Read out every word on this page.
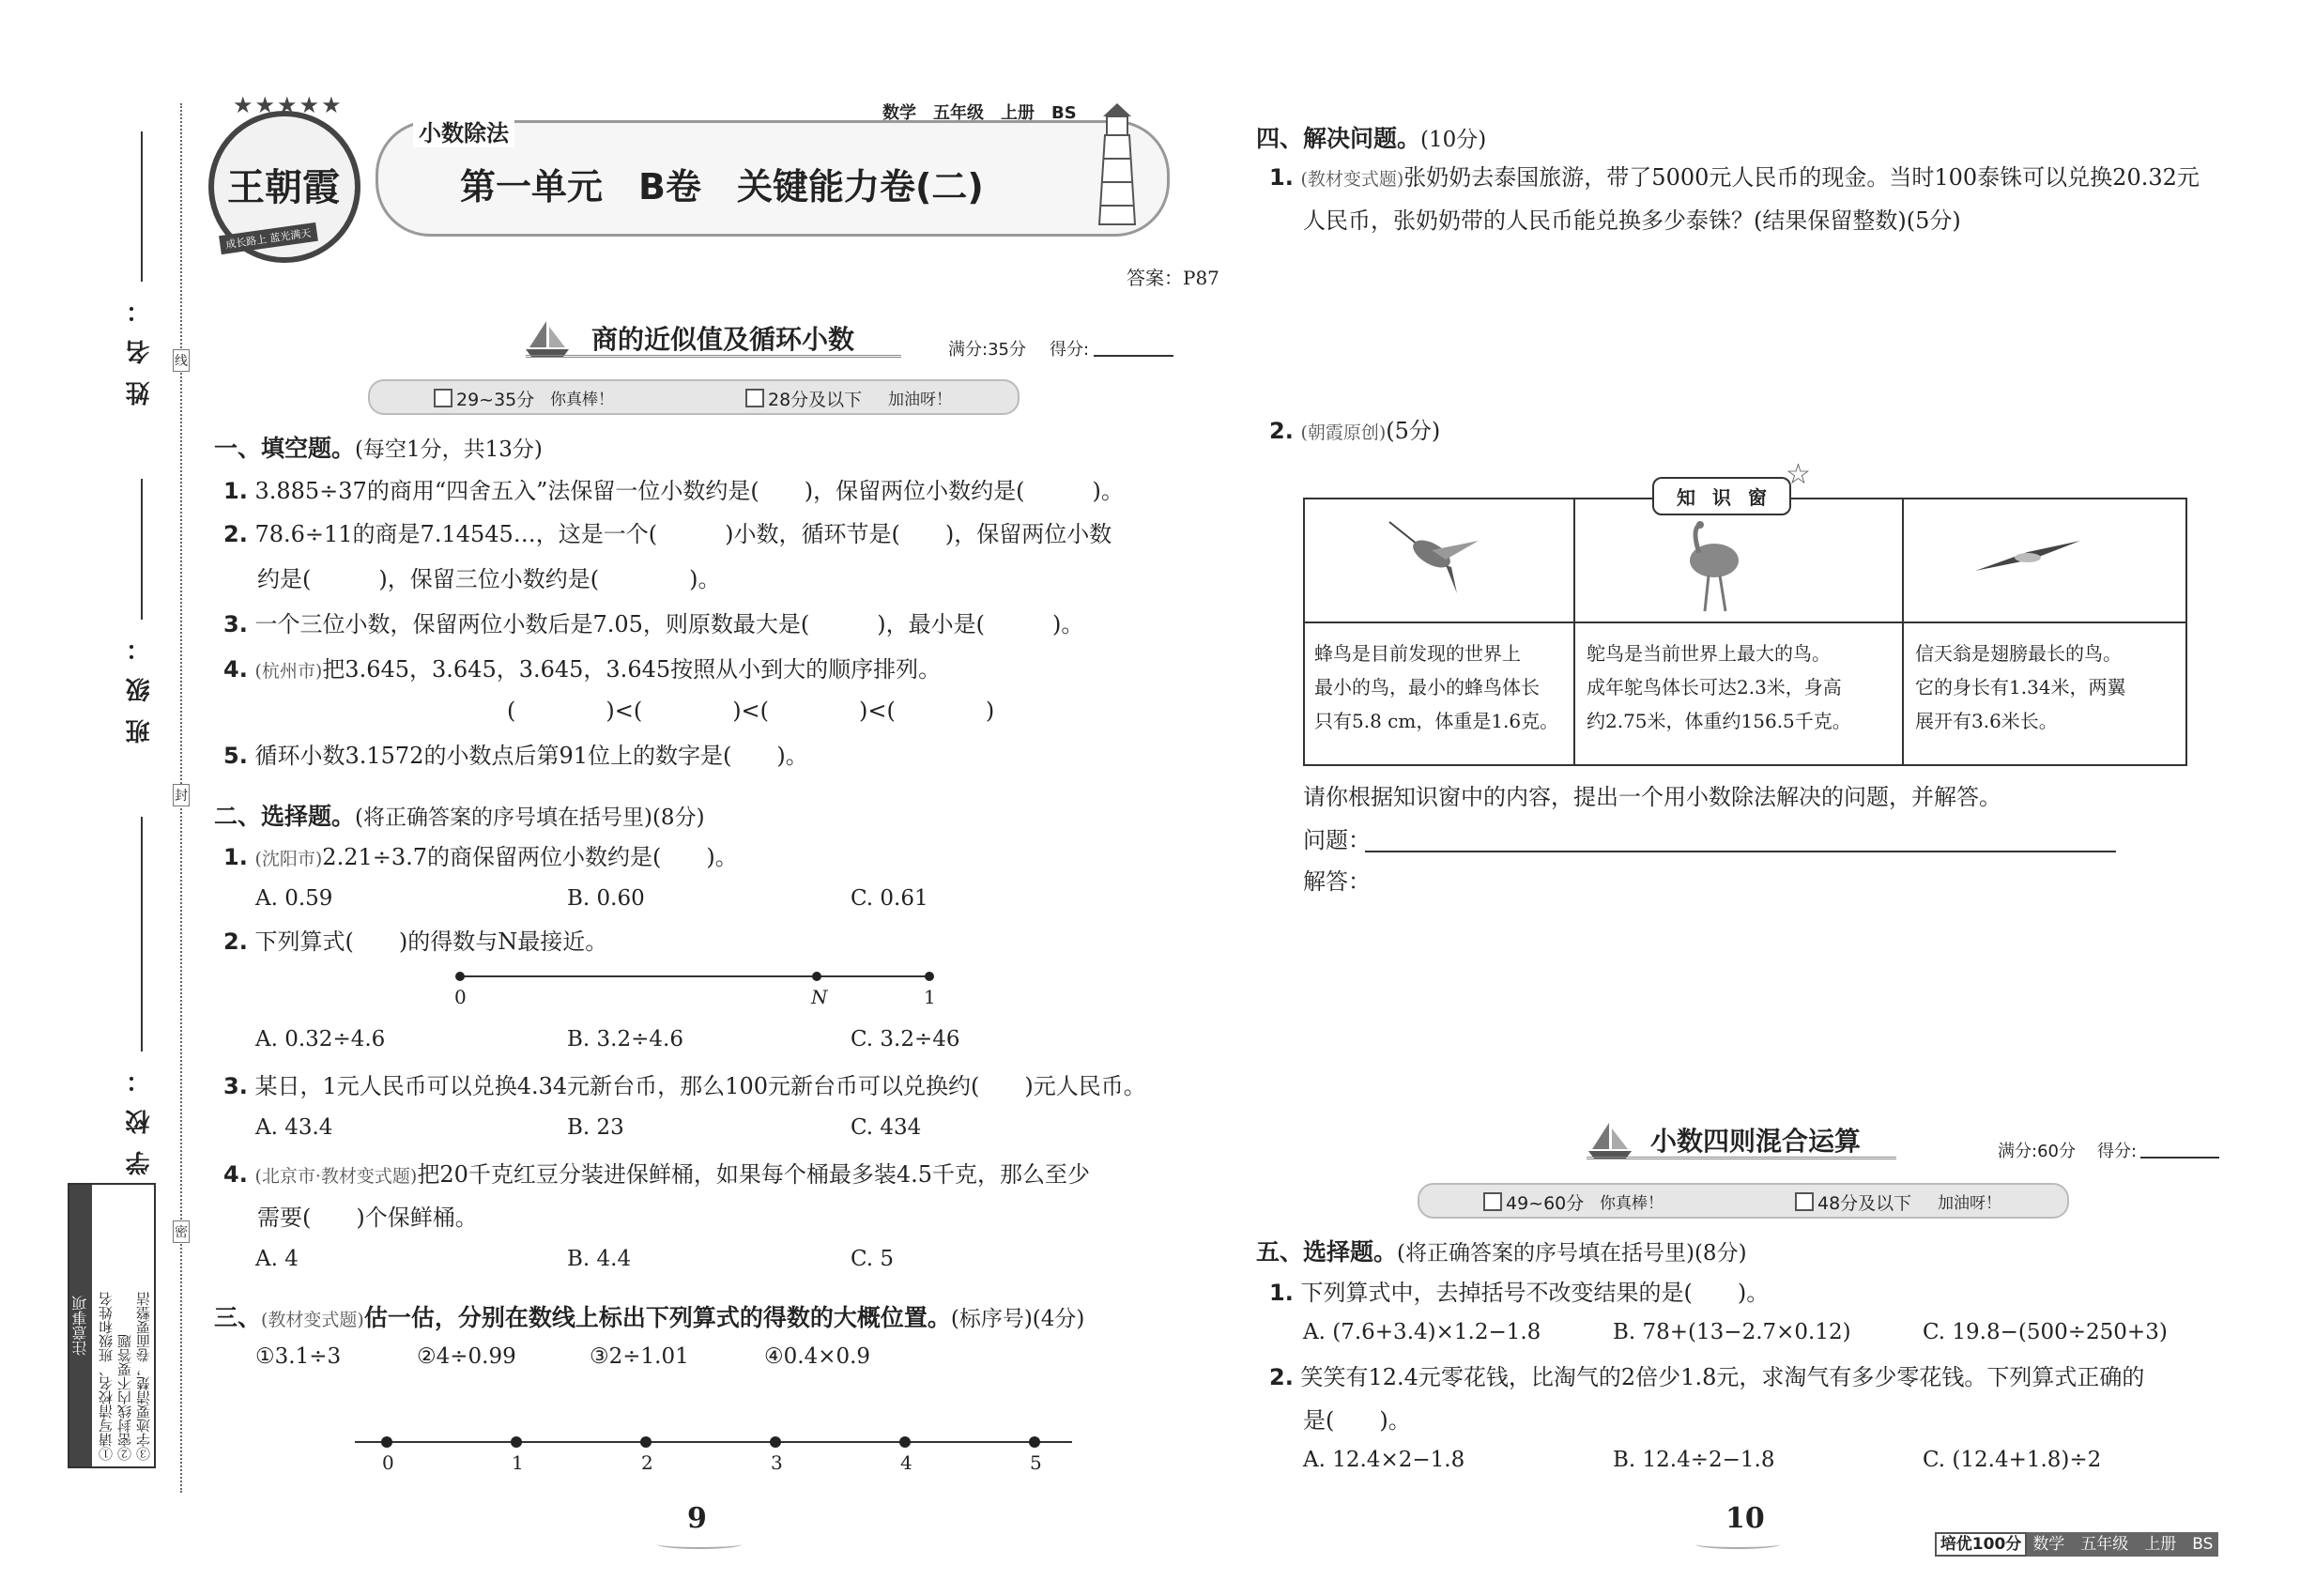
姓名：
班级：
学校：
线
封
密
注意事项 ①请写清校名、班级和姓名 ②密封线内不要答题 ③字迹要清楚，卷面要整洁
★★★★★
王朝霞
成长路上 蓝光满天
小数除法
数学　五年级　上册　BS
第一单元　B卷　关键能力卷(二)
答案：P87
商的近似值及循环小数	满分:35分 得分:
29~35分 你真棒！	28分及以下 加油呀！
一、填空题。(每空1分，共13分)
1. 3.885÷37的商用“四舍五入”法保留一位小数约是(　　)，保留两位小数约是(　　　)。
2. 78.6÷11的商是7.14545…，这是一个(　　　)小数，循环节是(　　)，保留两位小数
约是(　　　)，保留三位小数约是(　　　　)。
3. 一个三位小数，保留两位小数后是7.05，则原数最大是(　　　)，最小是(　　　)。
4. (杭州市)把3.645，3.645，3.645，3.645按照从小到大的顺序排列。
(　　　　)<(　　　　)<(　　　　)<(　　　　)
5. 循环小数3.1572的小数点后第91位上的数字是(　　)。
二、选择题。(将正确答案的序号填在括号里)(8分)
1. (沈阳市)2.21÷3.7的商保留两位小数约是(　　)。
A. 0.59	B. 0.60	C. 0.61
2. 下列算式(　　)的得数与N最接近。
0	N	1
A. 0.32÷4.6	B. 3.2÷4.6	C. 3.2÷46
3. 某日，1元人民币可以兑换4.34元新台币，那么100元新台币可以兑换约(　　)元人民币。
A. 43.4	B. 23	C. 434
4. (北京市·教材变式题)把20千克红豆分装进保鲜桶，如果每个桶最多装4.5千克，那么至少
需要(　　)个保鲜桶。
A. 4	B. 4.4	C. 5
三、(教材变式题)估一估，分别在数线上标出下列算式的得数的大概位置。(标序号)(4分)
①3.1÷3	②4÷0.99	③2÷1.01	④0.4×0.9
0	1	2	3	4	5
9
四、解决问题。(10分)
1. (教材变式题)张奶奶去泰国旅游，带了5000元人民币的现金。当时100泰铢可以兑换20.32元
人民币，张奶奶带的人民币能兑换多少泰铢？(结果保留整数)(5分)
2. (朝霞原创)(5分)
知识窗
☆
蜂鸟是目前发现的世界上
最小的鸟，最小的蜂鸟体长
只有5.8 cm，体重是1.6克。
鸵鸟是当前世界上最大的鸟。
成年鸵鸟体长可达2.3米，身高
约2.75米，体重约156.5千克。
信天翁是翅膀最长的鸟。
它的身长有1.34米，两翼
展开有3.6米长。
请你根据知识窗中的内容，提出一个用小数除法解决的问题，并解答。
问题：
解答：
小数四则混合运算	满分:60分 得分:
49~60分 你真棒！	48分及以下 加油呀！
五、选择题。(将正确答案的序号填在括号里)(8分)
1. 下列算式中，去掉括号不改变结果的是(　　)。
A. (7.6+3.4)×1.2−1.8	B. 78+(13−2.7×0.12)	C. 19.8−(500÷250+3)
2. 笑笑有12.4元零花钱，比淘气的2倍少1.8元，求淘气有多少零花钱。下列算式正确的
是(　　)。
A. 12.4×2−1.8	B. 12.4÷2−1.8	C. (12.4+1.8)÷2
10

培优100分 数学　五年级　上册　BS
